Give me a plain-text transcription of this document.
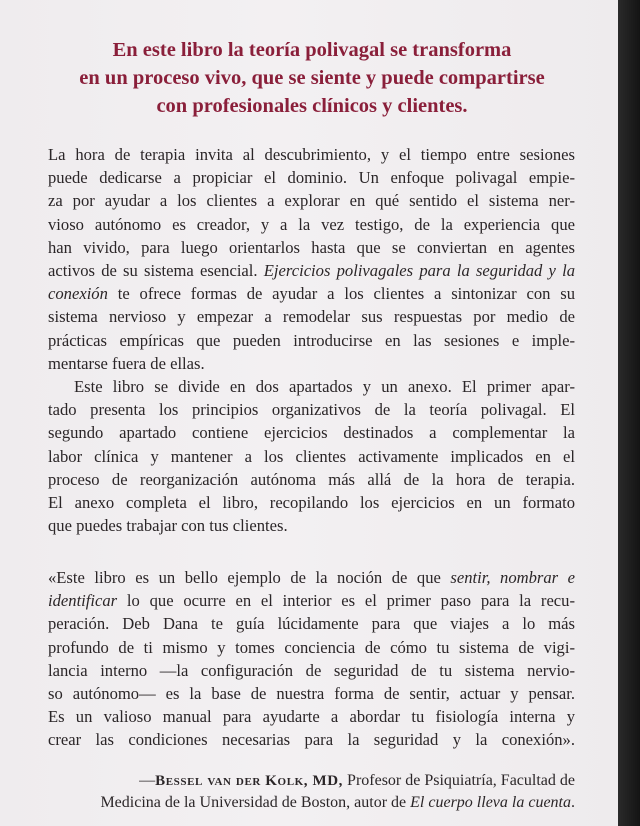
En este libro la teoría polivagal se transforma
en un proceso vivo, que se siente y puede compartirse
con profesionales clínicos y clientes.
La hora de terapia invita al descubrimiento, y el tiempo entre sesiones
puede dedicarse a propiciar el dominio. Un enfoque polivagal empie-
za por ayudar a los clientes a explorar en qué sentido el sistema ner-
vioso autónomo es creador, y a la vez testigo, de la experiencia que
han vivido, para luego orientarlos hasta que se conviertan en agentes
activos de su sistema esencial. Ejercicios polivagales para la seguridad y la
conexión te ofrece formas de ayudar a los clientes a sintonizar con su
sistema nervioso y empezar a remodelar sus respuestas por medio de
prácticas empíricas que pueden introducirse en las sesiones e imple-
mentarse fuera de ellas.
Este libro se divide en dos apartados y un anexo. El primer apar-
tado presenta los principios organizativos de la teoría polivagal. El
segundo apartado contiene ejercicios destinados a complementar la
labor clínica y mantener a los clientes activamente implicados en el
proceso de reorganización autónoma más allá de la hora de terapia.
El anexo completa el libro, recopilando los ejercicios en un formato
que puedes trabajar con tus clientes.
«Este libro es un bello ejemplo de la noción de que sentir, nombrar e
identificar lo que ocurre en el interior es el primer paso para la recu-
peración. Deb Dana te guía lúcidamente para que viajes a lo más
profundo de ti mismo y tomes conciencia de cómo tu sistema de vigi-
lancia interno —la configuración de seguridad de tu sistema nervio-
so autónomo— es la base de nuestra forma de sentir, actuar y pensar.
Es un valioso manual para ayudarte a abordar tu fisiología interna y
crear las condiciones necesarias para la seguridad y la conexión».
—Bessel van der Kolk, MD, Profesor de Psiquiatría, Facultad de
Medicina de la Universidad de Boston, autor de El cuerpo lleva la cuenta.
